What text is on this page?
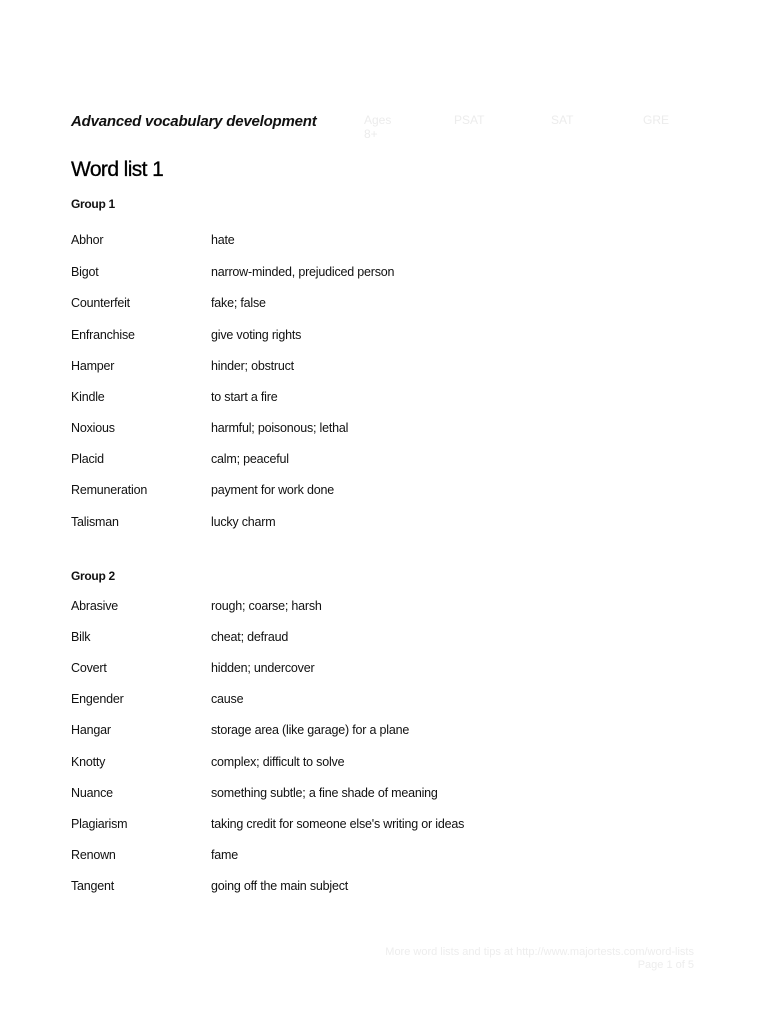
Advanced vocabulary development	Ages
8+
PSAT	SAT	GRE
Word list 1
Group 1
Abhor	hate
Bigot	narrow-minded, prejudiced person
Counterfeit	fake; false
Enfranchise	give voting rights
Hamper	hinder; obstruct
Kindle	to start a fire
Noxious	harmful; poisonous; lethal
Placid	calm; peaceful
Remuneration	payment for work done
Talisman	lucky charm
Group 2
Abrasive	rough; coarse; harsh
Bilk	cheat; defraud
Covert	hidden; undercover
Engender	cause
Hangar	storage area (like garage) for a plane
Knotty	complex; difficult to solve
Nuance	something subtle; a fine shade of meaning
Plagiarism	taking credit for someone else's writing or ideas
Renown	fame
Tangent	going off the main subject
More word lists and tips at http://www.majortests.com/word-lists
Page 1 of 5
